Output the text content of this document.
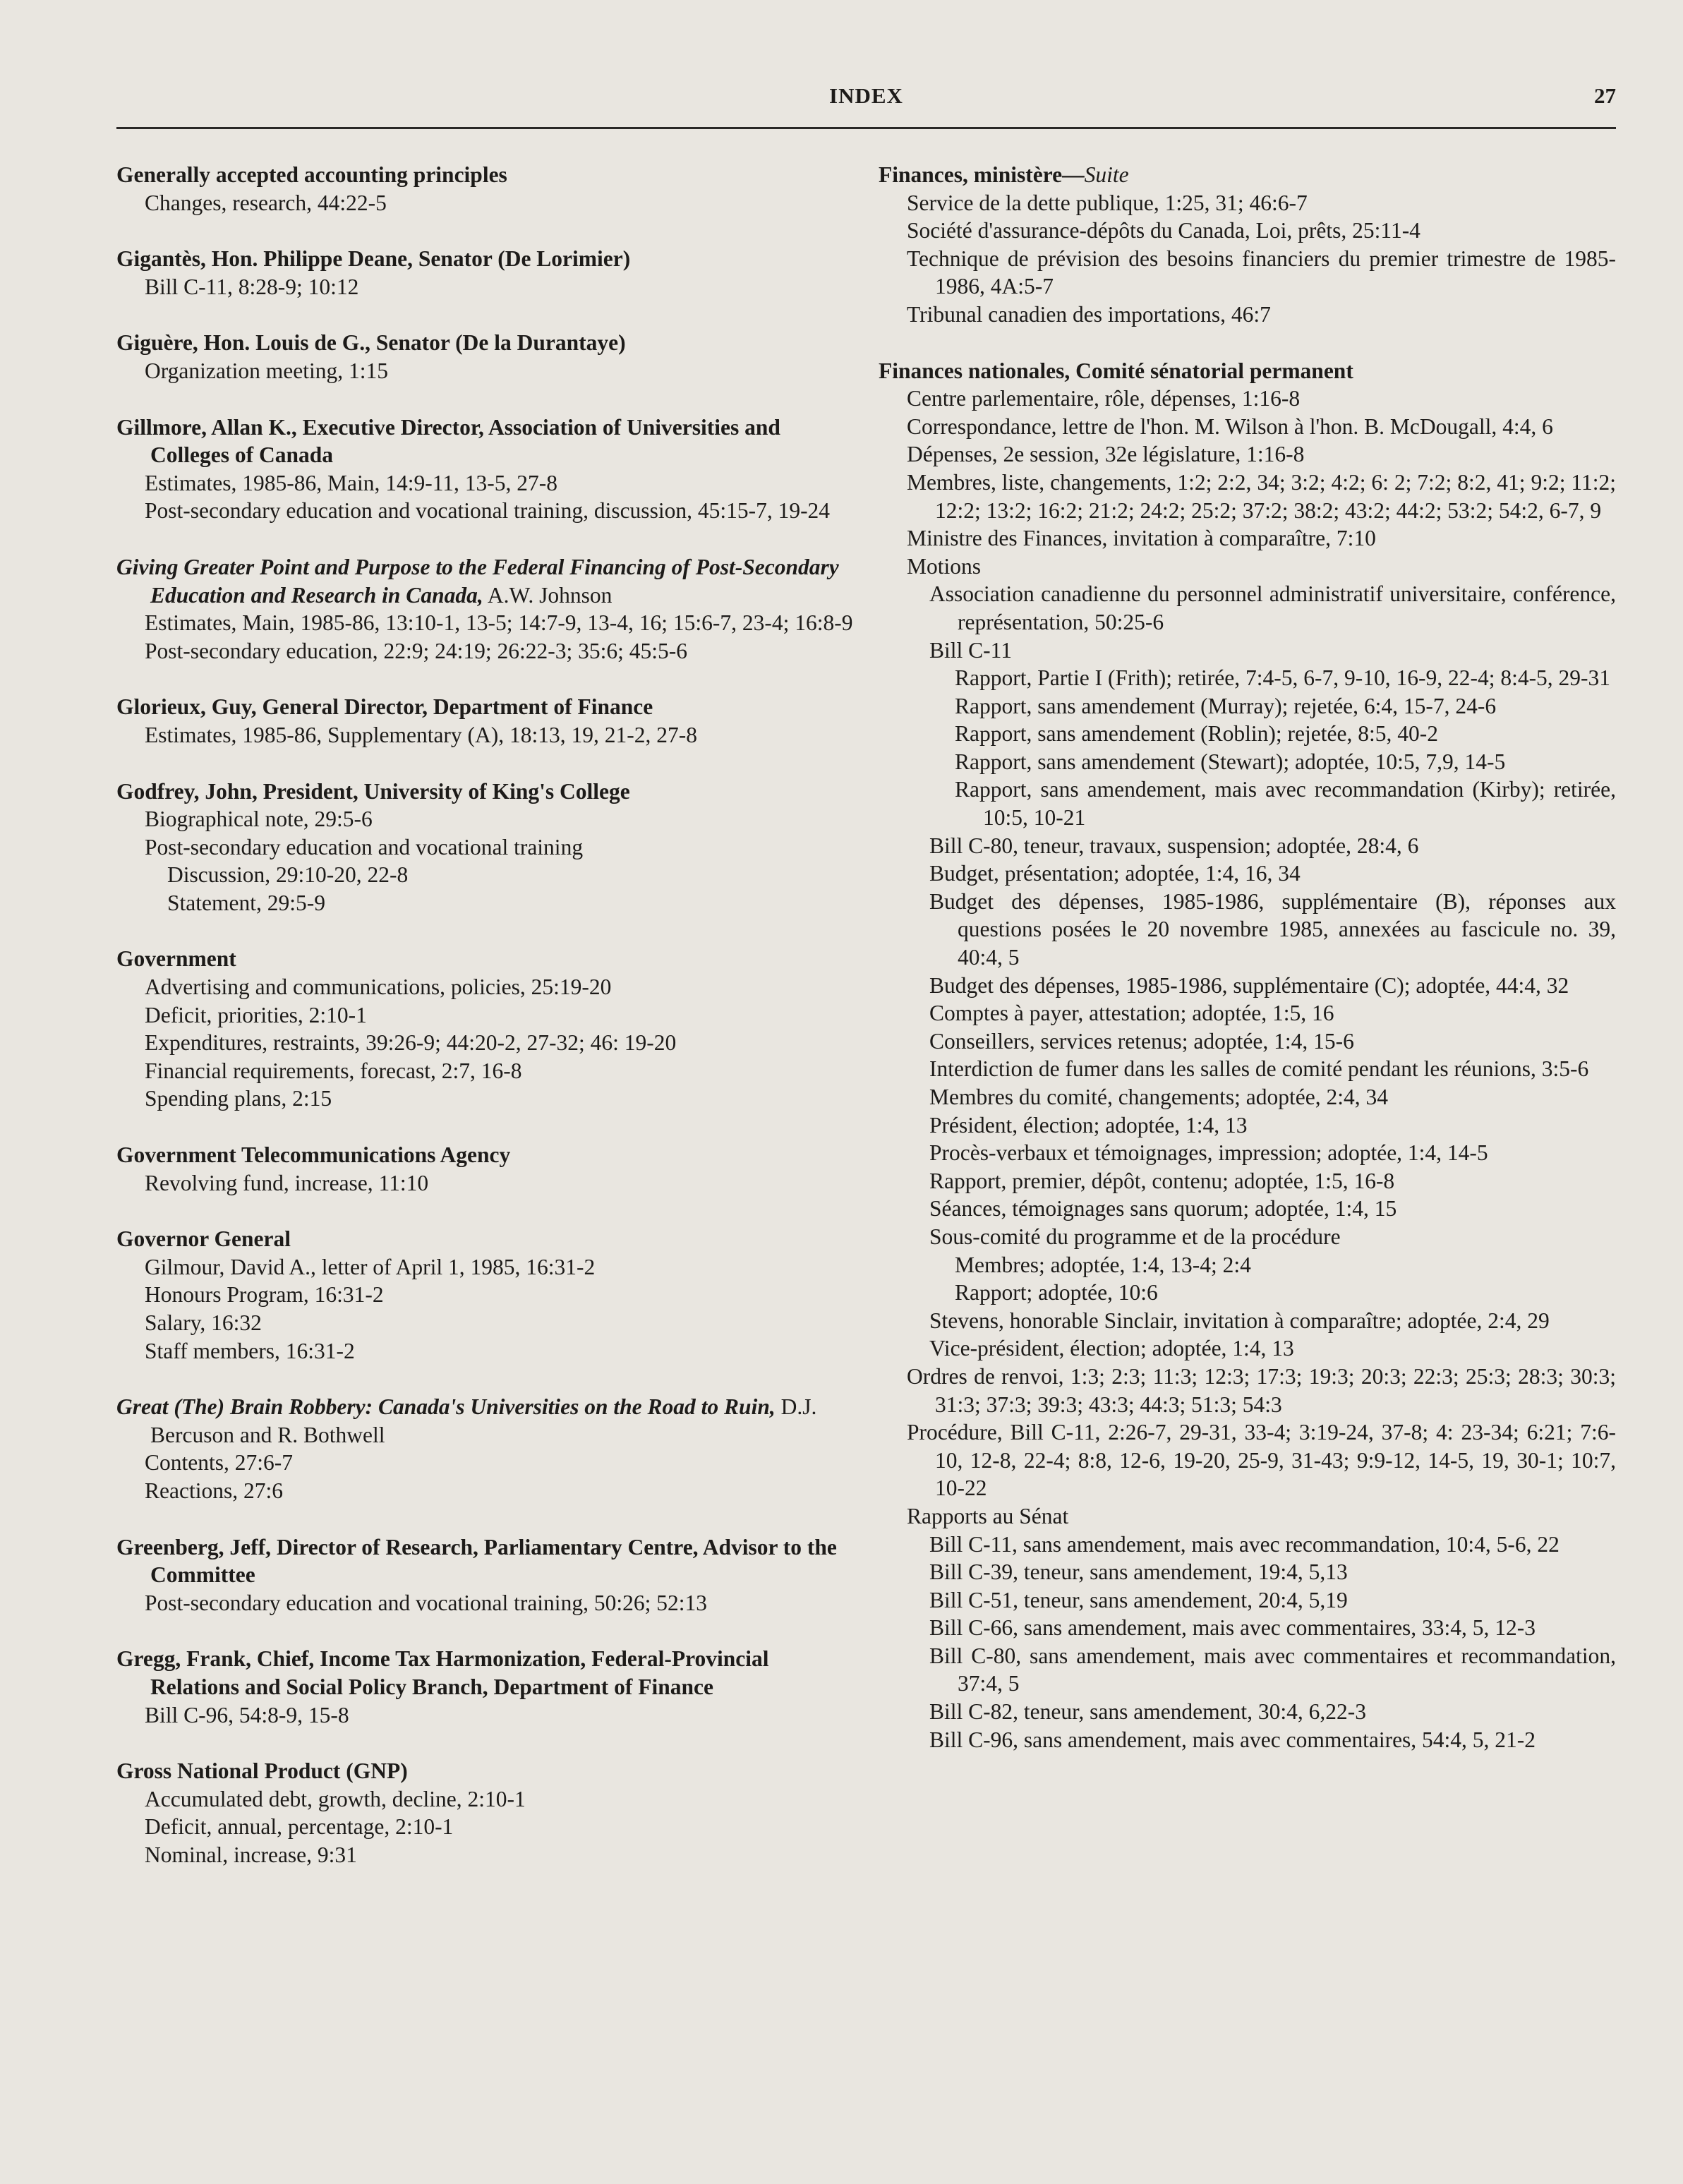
INDEX	27
Generally accepted accounting principles
Changes, research, 44:22-5
Gigantès, Hon. Philippe Deane, Senator (De Lorimier)
Bill C-11, 8:28-9; 10:12
Giguère, Hon. Louis de G., Senator (De la Durantaye)
Organization meeting, 1:15
Gillmore, Allan K., Executive Director, Association of Universities and Colleges of Canada
Estimates, 1985-86, Main, 14:9-11, 13-5, 27-8
Post-secondary education and vocational training, discussion, 45:15-7, 19-24
Giving Greater Point and Purpose to the Federal Financing of Post-Secondary Education and Research in Canada, A.W. Johnson
Estimates, Main, 1985-86, 13:10-1, 13-5; 14:7-9, 13-4, 16; 15:6-7, 23-4; 16:8-9
Post-secondary education, 22:9; 24:19; 26:22-3; 35:6; 45:5-6
Glorieux, Guy, General Director, Department of Finance
Estimates, 1985-86, Supplementary (A), 18:13, 19, 21-2, 27-8
Godfrey, John, President, University of King's College
Biographical note, 29:5-6
Post-secondary education and vocational training
Discussion, 29:10-20, 22-8
Statement, 29:5-9
Government
Advertising and communications, policies, 25:19-20
Deficit, priorities, 2:10-1
Expenditures, restraints, 39:26-9; 44:20-2, 27-32; 46: 19-20
Financial requirements, forecast, 2:7, 16-8
Spending plans, 2:15
Government Telecommunications Agency
Revolving fund, increase, 11:10
Governor General
Gilmour, David A., letter of April 1, 1985, 16:31-2
Honours Program, 16:31-2
Salary, 16:32
Staff members, 16:31-2
Great (The) Brain Robbery: Canada's Universities on the Road to Ruin, D.J. Bercuson and R. Bothwell
Contents, 27:6-7
Reactions, 27:6
Greenberg, Jeff, Director of Research, Parliamentary Centre, Advisor to the Committee
Post-secondary education and vocational training, 50:26; 52:13
Gregg, Frank, Chief, Income Tax Harmonization, Federal-Provincial Relations and Social Policy Branch, Department of Finance
Bill C-96, 54:8-9, 15-8
Gross National Product (GNP)
Accumulated debt, growth, decline, 2:10-1
Deficit, annual, percentage, 2:10-1
Nominal, increase, 9:31
Finances, ministère—Suite
Service de la dette publique, 1:25, 31; 46:6-7
Société d'assurance-dépôts du Canada, Loi, prêts, 25:11-4
Technique de prévision des besoins financiers du premier trimestre de 1985-1986, 4A:5-7
Tribunal canadien des importations, 46:7
Finances nationales, Comité sénatorial permanent
Centre parlementaire, rôle, dépenses, 1:16-8
Correspondance, lettre de l'hon. M. Wilson à l'hon. B. McDougall, 4:4, 6
Dépenses, 2e session, 32e législature, 1:16-8
Membres, liste, changements, 1:2; 2:2, 34; 3:2; 4:2; 6: 2; 7:2; 8:2, 41; 9:2; 11:2; 12:2; 13:2; 16:2; 21:2; 24:2; 25:2; 37:2; 38:2; 43:2; 44:2; 53:2; 54:2, 6-7, 9
Ministre des Finances, invitation à comparaître, 7:10
Motions
Association canadienne du personnel administratif universitaire, conférence, représentation, 50:25-6
Bill C-11
Rapport, Partie I (Frith); retirée, 7:4-5, 6-7, 9-10, 16-9, 22-4; 8:4-5, 29-31
Rapport, sans amendement (Murray); rejetée, 6:4, 15-7, 24-6
Rapport, sans amendement (Roblin); rejetée, 8:5, 40-2
Rapport, sans amendement (Stewart); adoptée, 10:5, 7,9, 14-5
Rapport, sans amendement, mais avec recommandation (Kirby); retirée, 10:5, 10-21
Bill C-80, teneur, travaux, suspension; adoptée, 28:4, 6
Budget, présentation; adoptée, 1:4, 16, 34
Budget des dépenses, 1985-1986, supplémentaire (B), réponses aux questions posées le 20 novembre 1985, annexées au fascicule no. 39, 40:4, 5
Budget des dépenses, 1985-1986, supplémentaire (C); adoptée, 44:4, 32
Comptes à payer, attestation; adoptée, 1:5, 16
Conseillers, services retenus; adoptée, 1:4, 15-6
Interdiction de fumer dans les salles de comité pendant les réunions, 3:5-6
Membres du comité, changements; adoptée, 2:4, 34
Président, élection; adoptée, 1:4, 13
Procès-verbaux et témoignages, impression; adoptée, 1:4, 14-5
Rapport, premier, dépôt, contenu; adoptée, 1:5, 16-8
Séances, témoignages sans quorum; adoptée, 1:4, 15
Sous-comité du programme et de la procédure
Membres; adoptée, 1:4, 13-4; 2:4
Rapport; adoptée, 10:6
Stevens, honorable Sinclair, invitation à comparaître; adoptée, 2:4, 29
Vice-président, élection; adoptée, 1:4, 13
Ordres de renvoi, 1:3; 2:3; 11:3; 12:3; 17:3; 19:3; 20:3; 22:3; 25:3; 28:3; 30:3; 31:3; 37:3; 39:3; 43:3; 44:3; 51:3; 54:3
Procédure, Bill C-11, 2:26-7, 29-31, 33-4; 3:19-24, 37-8; 4: 23-34; 6:21; 7:6-10, 12-8, 22-4; 8:8, 12-6, 19-20, 25-9, 31-43; 9:9-12, 14-5, 19, 30-1; 10:7, 10-22
Rapports au Sénat
Bill C-11, sans amendement, mais avec recommandation, 10:4, 5-6, 22
Bill C-39, teneur, sans amendement, 19:4, 5,13
Bill C-51, teneur, sans amendement, 20:4, 5,19
Bill C-66, sans amendement, mais avec commentaires, 33:4, 5, 12-3
Bill C-80, sans amendement, mais avec commentaires et recommandation, 37:4, 5
Bill C-82, teneur, sans amendement, 30:4, 6,22-3
Bill C-96, sans amendement, mais avec commentaires, 54:4, 5, 21-2
